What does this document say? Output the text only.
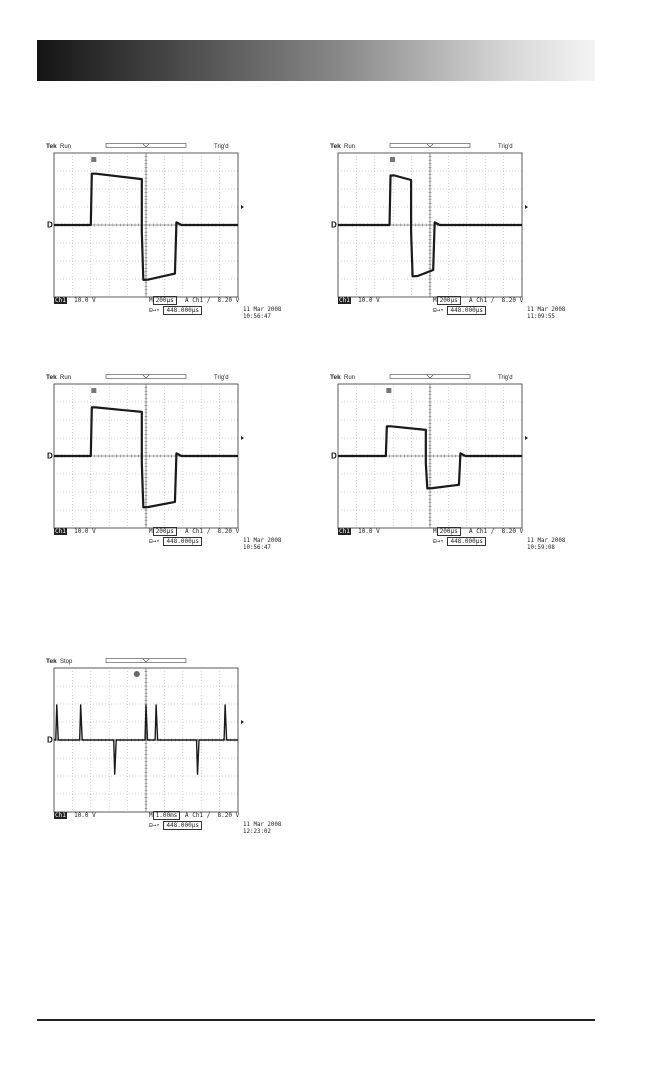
Tek Run	Trig'd
D
Ch1 10.0 V	M 200µs	A Ch1 / 8.20 V
⊟→▿ 448.000µs	11 Mar 2008
10:56:47
Tek Run	Trig'd
D
Ch1 10.0 V	M 200µs	A Ch1 / 8.20 V
⊟→▿ 448.000µs	11 Mar 2008
11:09:55
Tek Run	Trig'd
D
Ch1 10.0 V	M 200µs	A Ch1 / 8.20 V
⊟→▿ 448.000µs	11 Mar 2008
10:56:47
Tek Run	Trig'd
D
Ch1 10.0 V	M 200µs	A Ch1 / 8.20 V
⊟→▿ 448.000µs	11 Mar 2008
10:59:08
Tek Stop
D
Ch1 10.0 V	M 1.00ms	A Ch1 / 8.20 V
⊟→▿ 448.000µs	11 Mar 2008
12:23:02
